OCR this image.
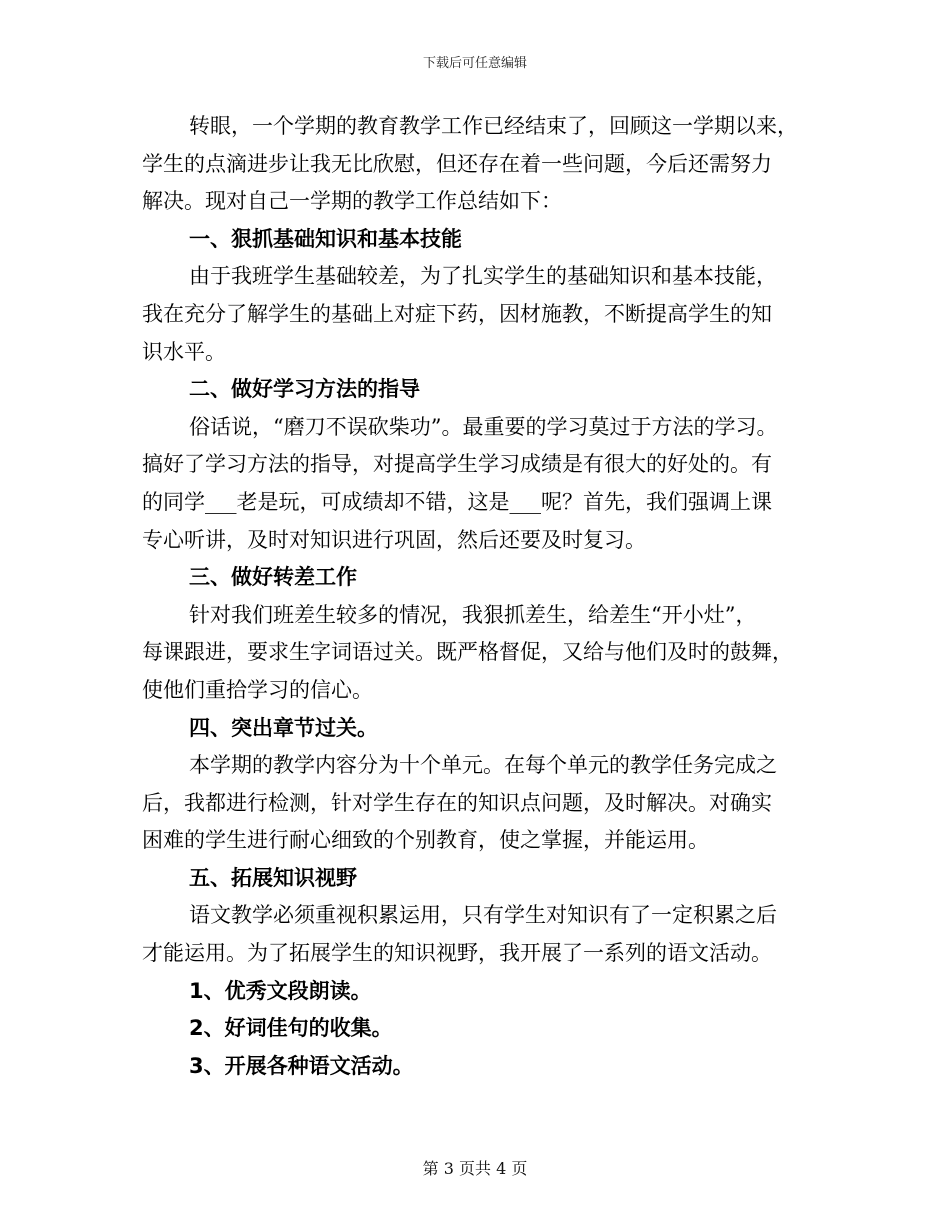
下载后可任意编辑
转眼，一个学期的教育教学工作已经结束了，回顾这一学期以来，
学生的点滴进步让我无比欣慰，但还存在着一些问题，今后还需努力
解决。现对自己一学期的教学工作总结如下：
一、狠抓基础知识和基本技能
由于我班学生基础较差，为了扎实学生的基础知识和基本技能，
我在充分了解学生的基础上对症下药，因材施教，不断提高学生的知
识水平。
二、做好学习方法的指导
俗话说，“磨刀不误砍柴功”。最重要的学习莫过于方法的学习。
搞好了学习方法的指导，对提高学生学习成绩是有很大的好处的。有
的同学___老是玩，可成绩却不错，这是___呢？首先，我们强调上课
专心听讲，及时对知识进行巩固，然后还要及时复习。
三、做好转差工作
针对我们班差生较多的情况，我狠抓差生，给差生“开小灶”，
每课跟进，要求生字词语过关。既严格督促，又给与他们及时的鼓舞，
使他们重拾学习的信心。
四、突出章节过关。
本学期的教学内容分为十个单元。在每个单元的教学任务完成之
后，我都进行检测，针对学生存在的知识点问题，及时解决。对确实
困难的学生进行耐心细致的个别教育，使之掌握，并能运用。
五、拓展知识视野
语文教学必须重视积累运用，只有学生对知识有了一定积累之后
才能运用。为了拓展学生的知识视野，我开展了一系列的语文活动。
1、优秀文段朗读。
2、好词佳句的收集。
3、开展各种语文活动。
第 3 页共 4 页
